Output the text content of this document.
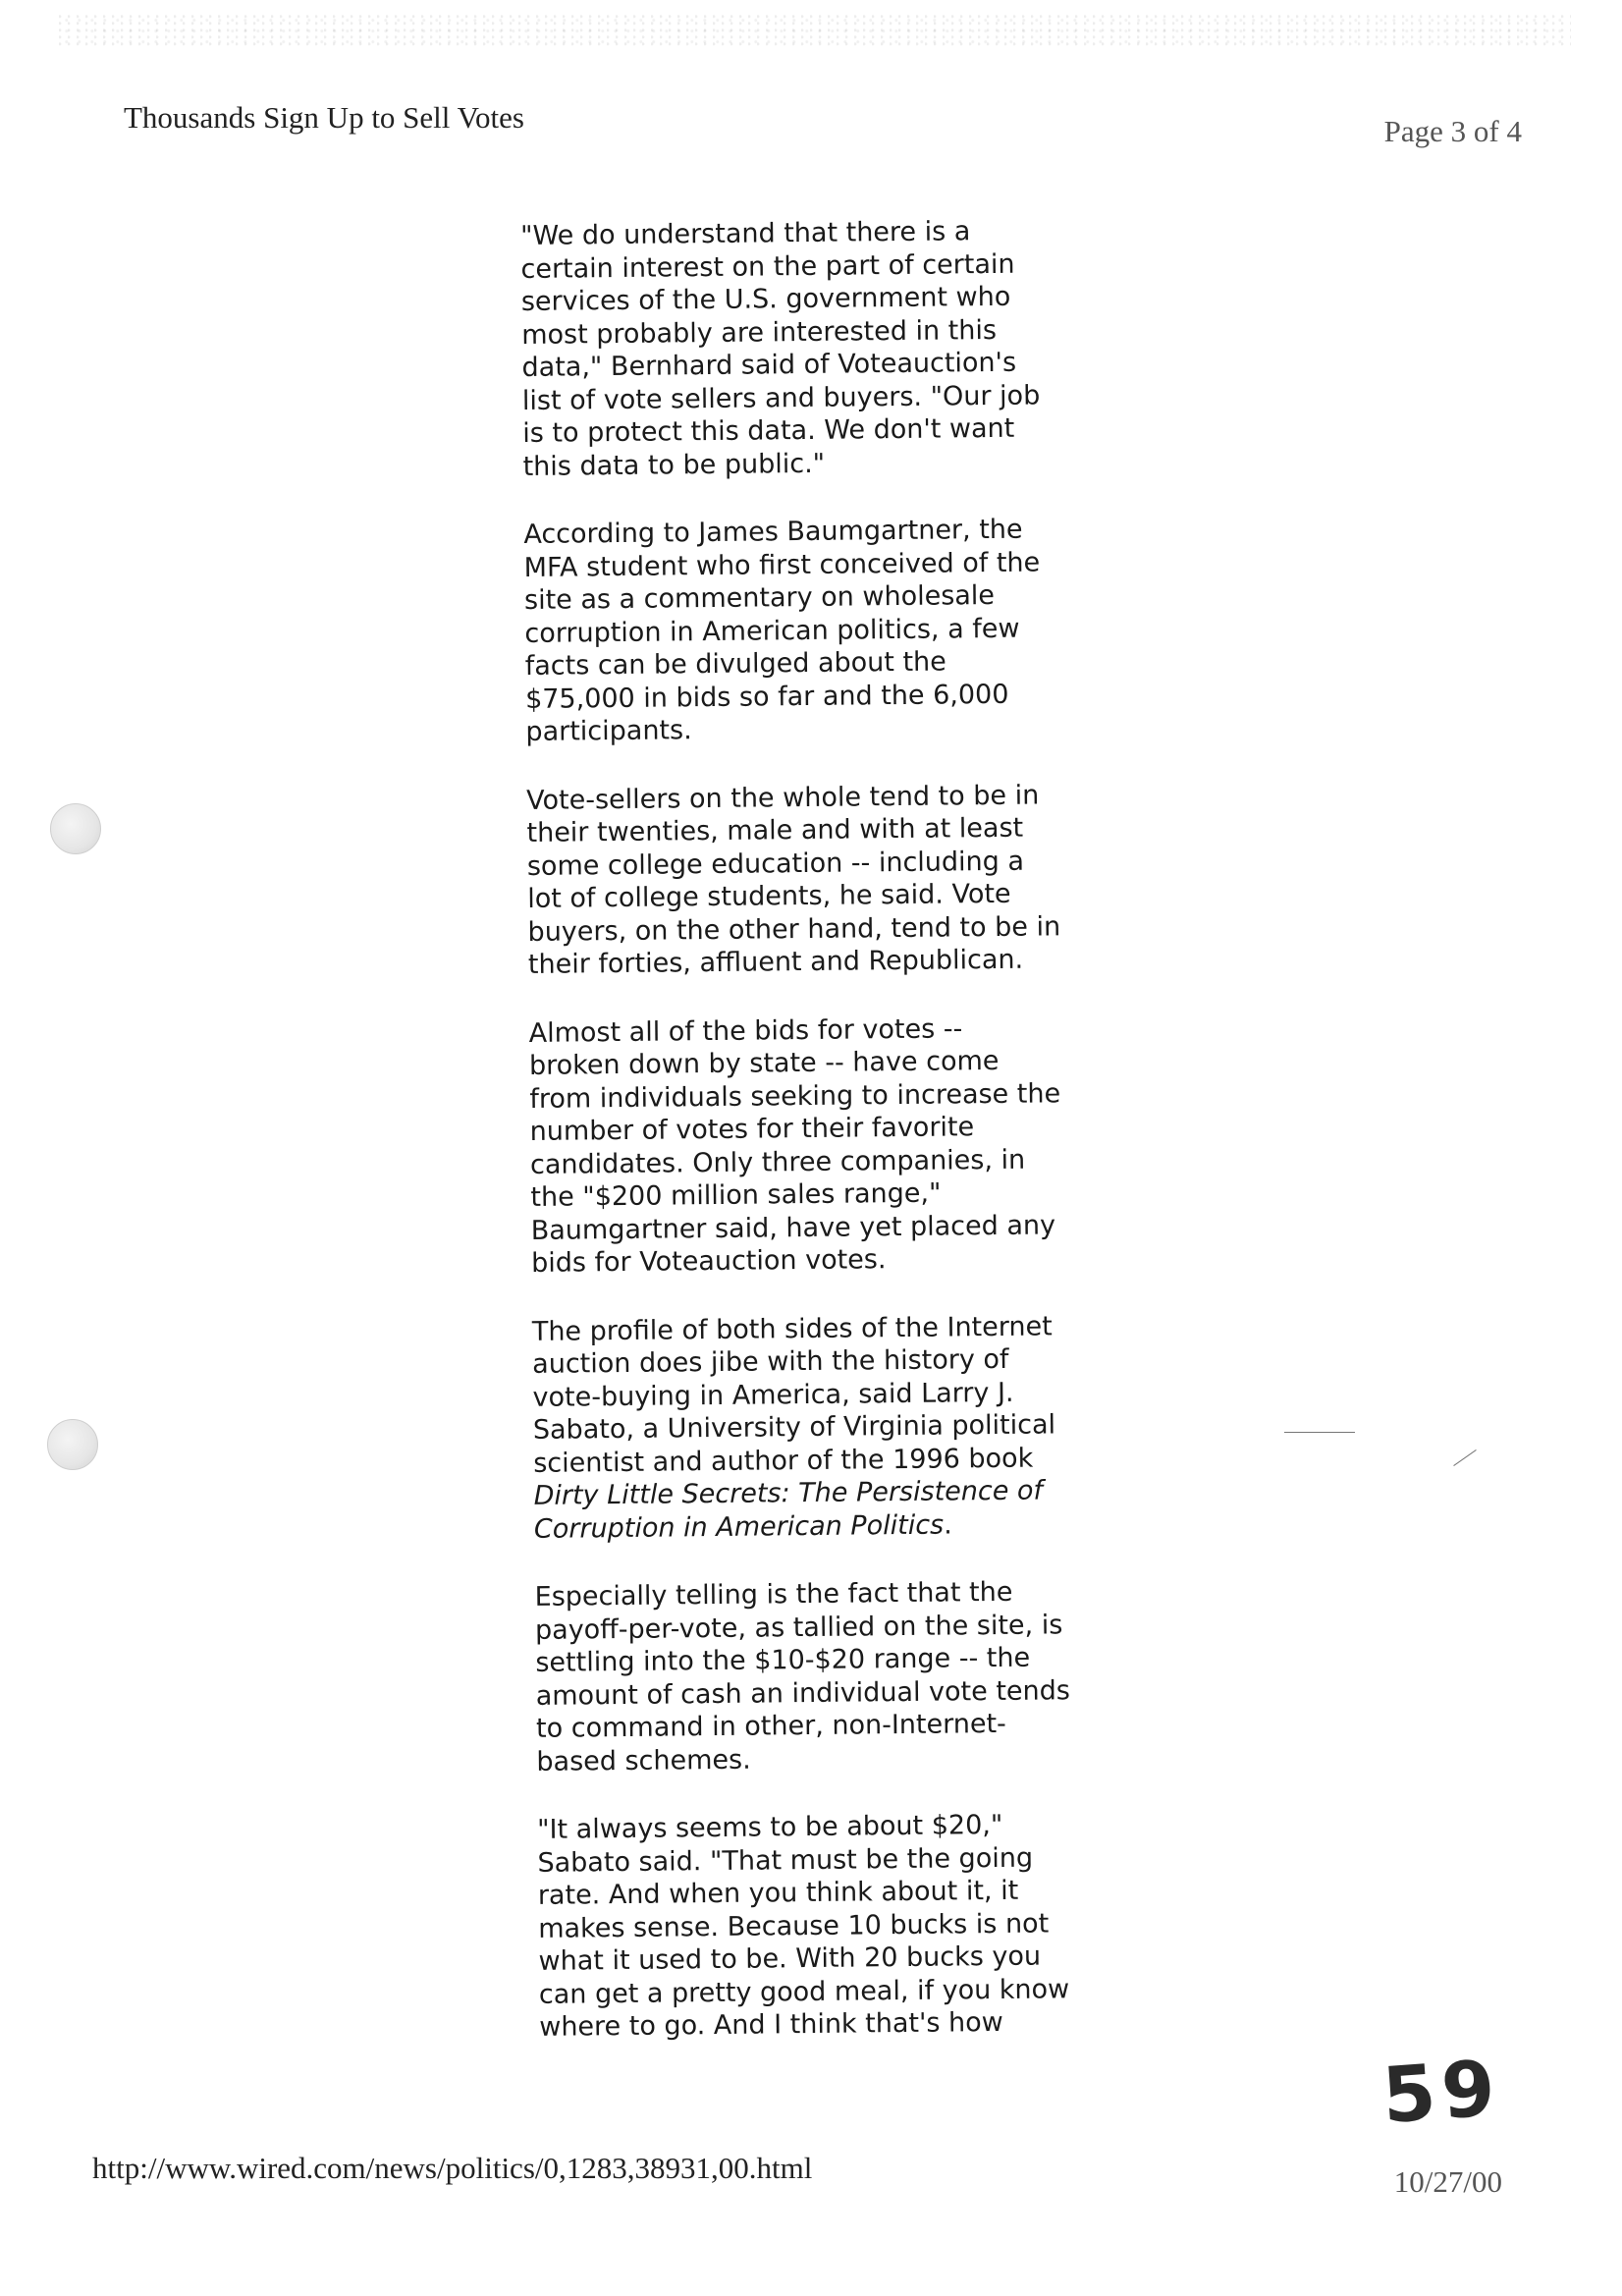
Thousands Sign Up to Sell Votes	Page 3 of 4

"We do understand that there is a
certain interest on the part of certain
services of the U.S. government who
most probably are interested in this
data," Bernhard said of Voteauction's
list of vote sellers and buyers. "Our job
is to protect this data. We don't want
this data to be public."

According to James Baumgartner, the
MFA student who first conceived of the
site as a commentary on wholesale
corruption in American politics, a few
facts can be divulged about the
$75,000 in bids so far and the 6,000
participants.

Vote-sellers on the whole tend to be in
their twenties, male and with at least
some college education -- including a
lot of college students, he said. Vote
buyers, on the other hand, tend to be in
their forties, affluent and Republican.

Almost all of the bids for votes --
broken down by state -- have come
from individuals seeking to increase the
number of votes for their favorite
candidates. Only three companies, in
the "$200 million sales range,"
Baumgartner said, have yet placed any
bids for Voteauction votes.

The profile of both sides of the Internet
auction does jibe with the history of
vote-buying in America, said Larry J.
Sabato, a University of Virginia political
scientist and author of the 1996 book
Dirty Little Secrets: The Persistence of
Corruption in American Politics.

Especially telling is the fact that the
payoff-per-vote, as tallied on the site, is
settling into the $10-$20 range -- the
amount of cash an individual vote tends
to command in other, non-Internet-
based schemes.

"It always seems to be about $20,"
Sabato said. "That must be the going
rate. And when you think about it, it
makes sense. Because 10 bucks is not
what it used to be. With 20 bucks you
can get a pretty good meal, if you know
where to go. And I think that's how

59
http://www.wired.com/news/politics/0,1283,38931,00.html	10/27/00
